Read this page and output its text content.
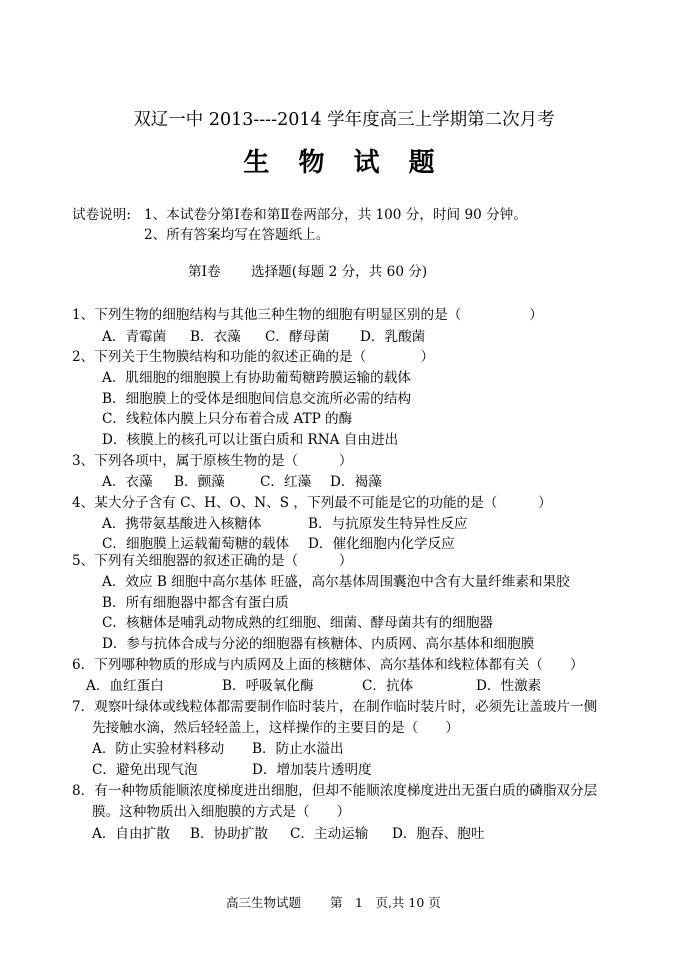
双辽一中 2013----2014 学年度高三上学期第二次月考
生 物 试 题
试卷说明: 1、本试卷分第Ⅰ卷和第Ⅱ卷两部分，共 100 分，时间 90 分钟。
2、所有答案均写在答题纸上。
第Ⅰ卷 选择题(每题 2 分，共 60 分)
1、下列生物的细胞结构与其他三种生物的细胞有明显区别的是（　　　　　）
A．青霉菌 B．衣藻 C．酵母菌 D．乳酸菌
2、下列关于生物膜结构和功能的叙述正确的是（　　　　）
A．肌细胞的细胞膜上有协助葡萄糖跨膜运输的载体
B．细胞膜上的受体是细胞间信息交流所必需的结构
C．线粒体内膜上只分布着合成 ATP 的酶
D．核膜上的核孔可以让蛋白质和 RNA 自由进出
3、下列各项中，属于原核生物的是（　　　）
A．衣藻 B．颤藻	C．红藻 D．褐藻
4、某大分子含有 C、H、O、N、S ，下列最不可能是它的功能的是（　　　）
A．携带氨基酸进入核糖体	B．与抗原发生特异性反应
C．细胞膜上运载葡萄糖的载体 D．催化细胞内化学反应
5、下列有关细胞器的叙述正确的是（　　　）
A．效应 B 细胞中高尔基体 旺盛，高尔基体周围囊泡中含有大量纤维素和果胶
B．所有细胞器中都含有蛋白质
C．核糖体是哺乳动物成熟的红细胞、细菌、酵母菌共有的细胞器
D．参与抗体合成与分泌的细胞器有核糖体、内质网、高尔基体和细胞膜
6．下列哪种物质的形成与内质网及上面的核糖体、高尔基体和线粒体都有关（　　）
A．血红蛋白	B．呼吸氧化酶	C．抗体	D．性激素
7．观察叶绿体或线粒体都需要制作临时装片，在制作临时装片时，必须先让盖玻片一侧
先接触水滴，然后轻轻盖上，这样操作的主要目的是（　　）
A．防止实验材料移动 B．防止水溢出
C．避免出现气泡	D．增加装片透明度
8．有一种物质能顺浓度梯度进出细胞，但却不能顺浓度梯度进出无蛋白质的磷脂双分层
膜。这种物质出入细胞膜的方式是（　　）
A．自由扩散 B．协助扩散 C．主动运输 D．胞吞、胞吐
高三生物试题 第　1　页,共 10 页
